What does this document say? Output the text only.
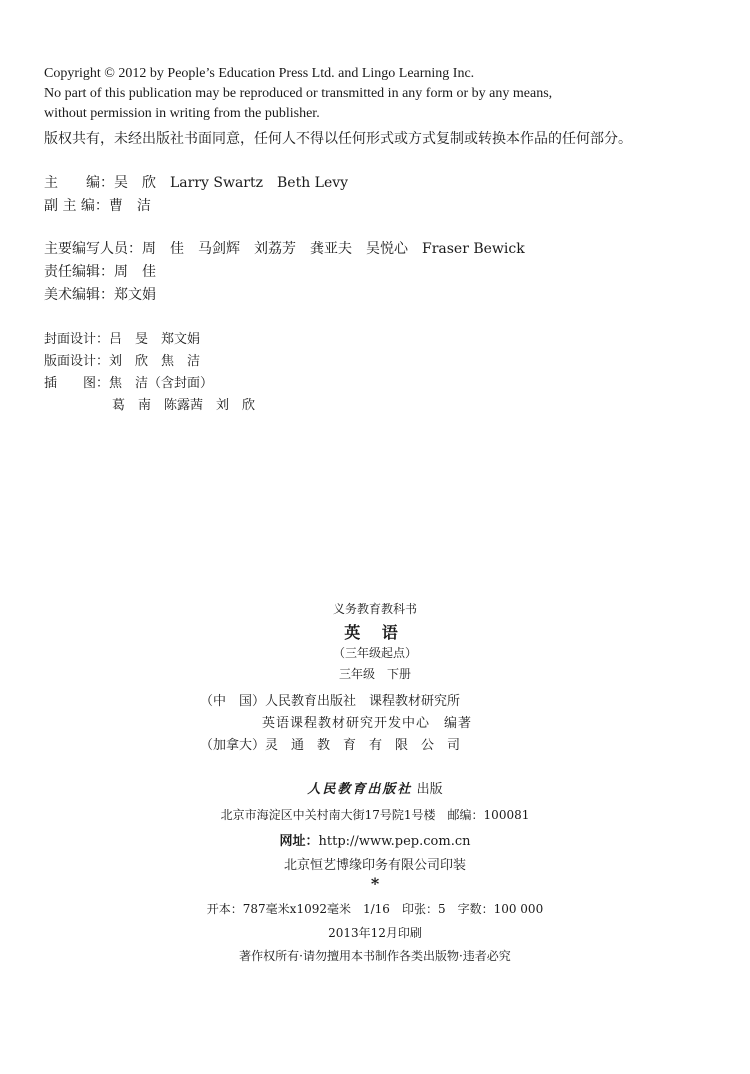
Copyright © 2012 by People’s Education Press Ltd. and Lingo Learning Inc.
No part of this publication may be reproduced or transmitted in any form or by any means,
without permission in writing from the publisher.
版权共有，未经出版社书面同意，任何人不得以任何形式或方式复制或转换本作品的任何部分。
主　　编：吴　欣　Larry Swartz　Beth Levy
副 主 编：曹　洁
主要编写人员：周　佳　马剑辉　刘荔芳　龚亚夫　吴悦心　Fraser Bewick
责任编辑：周　佳
美术编辑：郑文娟
封面设计：吕　旻　郑文娟
版面设计：刘　欣　焦　洁
插　　图：焦　洁（含封面）
葛　南　陈露茜　刘　欣
义务教育教科书
英 语
（三年级起点）
三年级　下册
（中　国）人民教育出版社　课程教材研究所
英语课程教材研究开发中心　编著
（加拿大）灵　通　教　育　有　限　公　司
人民教育出版社 出版
北京市海淀区中关村南大街17号院1号楼　邮编：100081
网址：http://www.pep.com.cn
北京恒艺博缘印务有限公司印装
*
开本：787毫米x1092毫米　1/16　印张：5　字数：100 000
2013年12月印刷
著作权所有·请勿擅用本书制作各类出版物·违者必究
